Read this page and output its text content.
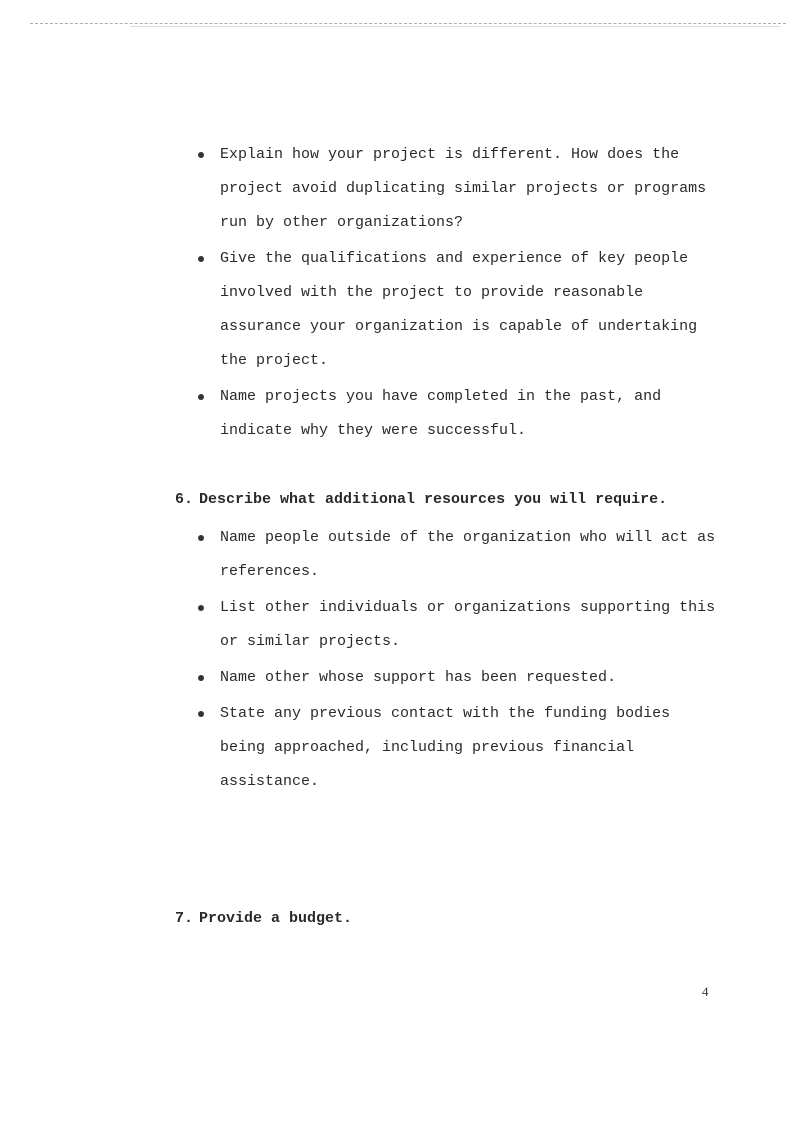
Explain how your project is different. How does the project avoid duplicating similar projects or programs run by other organizations?
Give the qualifications and experience of key people involved with the project to provide reasonable assurance your organization is capable of undertaking the project.
Name projects you have completed in the past, and indicate why they were successful.
6. Describe what additional resources you will require.
Name people outside of the organization who will act as references.
List other individuals or organizations supporting this or similar projects.
Name other whose support has been requested.
State any previous contact with the funding bodies being approached, including previous financial assistance.
7. Provide a budget.
4
